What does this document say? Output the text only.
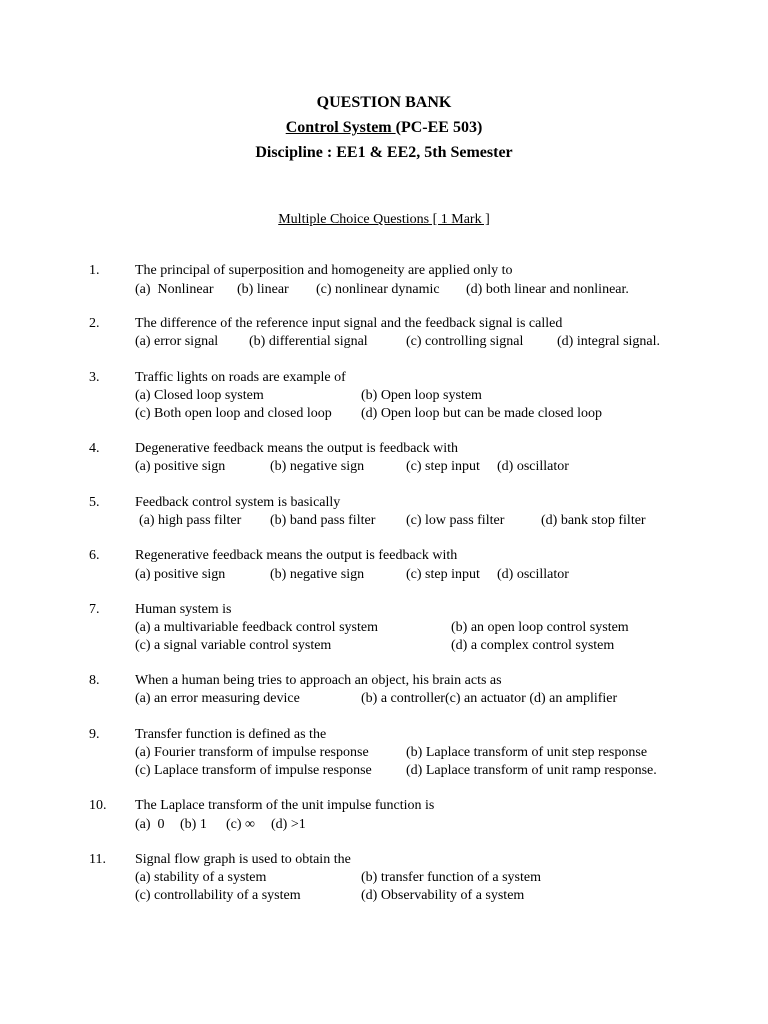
QUESTION BANK
Control System (PC-EE 503)
Discipline : EE1 & EE2, 5th Semester
Multiple Choice Questions [ 1 Mark ]
1.	The principal of superposition and homogeneity are applied only to
(a)  Nonlinear (b) linear (c) nonlinear dynamic (d) both linear and nonlinear.
2.	The difference of the reference input signal and the feedback signal is called
(a) error signal (b) differential signal	(c) controlling signal (d) integral signal.
3.	Traffic lights on roads are example of
(a) Closed loop system	(b) Open loop system
(c) Both open loop and closed loop (d) Open loop but can be made closed loop
4.	Degenerative feedback means the output is feedback with
(a) positive sign	(b) negative sign	(c) step input (d) oscillator
5.	Feedback control system is basically
(a) high pass filter (b) band pass filter (c) low pass filter	(d) bank stop filter
6.	Regenerative feedback means the output is feedback with
(a) positive sign	(b) negative sign	(c) step input (d) oscillator
7.	Human system is
(a) a multivariable feedback control system	(b) an open loop control system
(c) a signal variable control system	(d) a complex control system
8.	When a human being tries to approach an object, his brain acts as
(a) an error measuring device	(b) a controller(c) an actuator (d) an amplifier
9.	Transfer function is defined as the
(a) Fourier transform of impulse response	(b) Laplace transform of unit step response
(c) Laplace transform of impulse response (d) Laplace transform of unit ramp response.
10. The Laplace transform of the unit impulse function is
(a)  0 (b) 1 (c) ∞ (d) >1
11. Signal flow graph is used to obtain the
(a) stability of a system	(b) transfer function of a system
(c) controllability of a system	(d) Observability of a system
